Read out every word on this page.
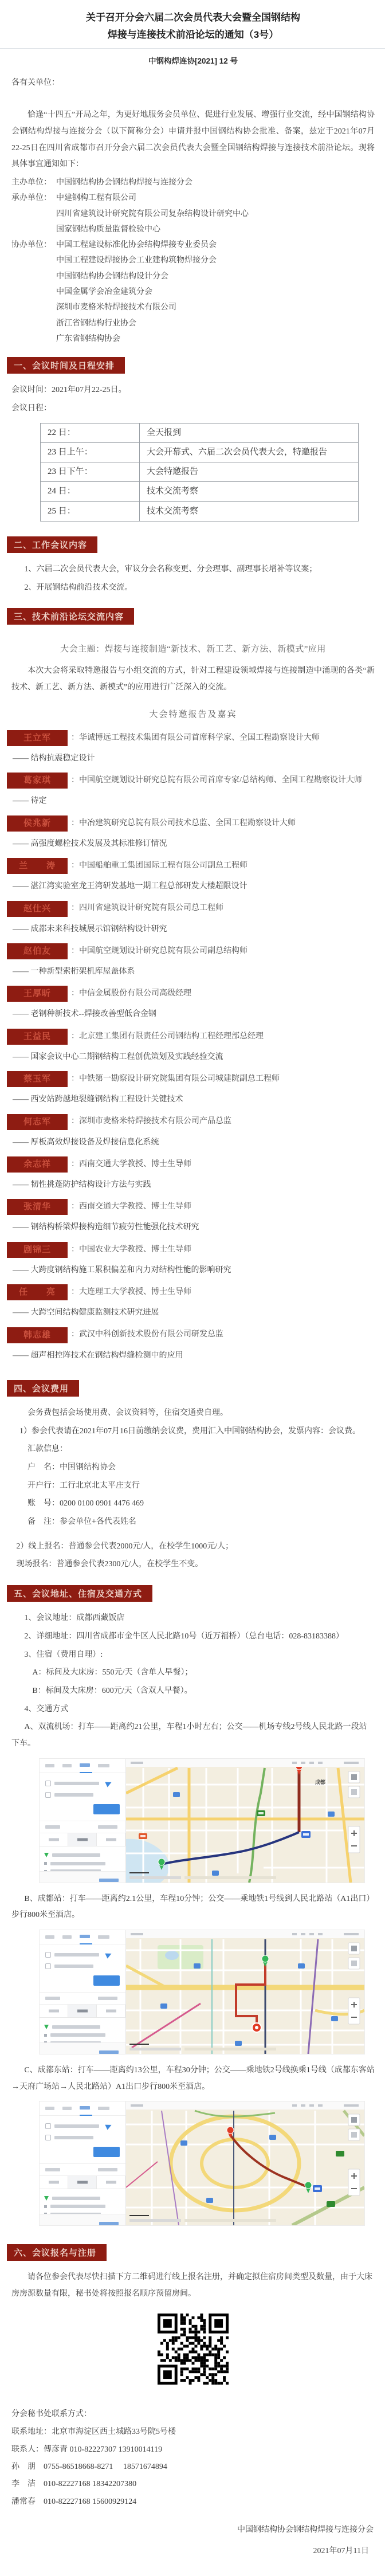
关于召开分会六届二次会员代表大会暨全国钢结构
焊接与连接技术前沿论坛的通知（3号）
中钢构焊连协[2021] 12 号

各有关单位：

恰逢“十四五”开局之年，为更好地服务会员单位、促进行业发展、增强行业交流，经中国钢结构协会钢结构焊接与连接分会（以下简称分会）申请并报中国钢结构协会批准、备案，兹定于2021年07月22-25日在四川省成都市召开分会六届二次会员代表大会暨全国钢结构焊接与连接技术前沿论坛。现将具体事宜通知如下：

主办单位： 中国钢结构协会钢结构焊接与连接分会
承办单位： 中建钢构工程有限公司
四川省建筑设计研究院有限公司复杂结构设计研究中心
国家钢结构质量监督检验中心
协办单位： 中国工程建设标准化协会结构焊接专业委员会
中国工程建设焊接协会工业建构筑物焊接分会
中国钢结构协会钢结构设计分会
中国金属学会冶金建筑分会
深圳市麦格米特焊接技术有限公司
浙江省钢结构行业协会
广东省钢结构协会
一、会议时间及日程安排

会议时间：2021年07月22-25日。

会议日程：

22 日：	全天报到
23 日上午：	大会开幕式、六届二次会员代表大会，特邀报告
23 日下午：	大会特邀报告
24 日：	技术交流考察
25 日：	技术交流考察
二、工作会议内容

1、六届二次会员代表大会，审议分会名称变更、分会理事、副理事长增补等议案；

2、开展钢结构前沿技术交流。

三、技术前沿论坛交流内容

大会主题：焊接与连接制造“新技术、新工艺、新方法、新模式”应用

本次大会将采取特邀报告与小组交流的方式，针对工程建设领域焊接与连接制造中涌现的各类“新技术、新工艺、新方法、新模式”的应用进行广泛深入的交流。

大会特邀报告及嘉宾

王立军	：华诚博远工程技术集团有限公司首席科学家、全国工程勘察设计大师
—— 结构抗震稳定设计
葛家琪	：中国航空规划设计研究总院有限公司首席专家/总结构师、全国工程勘察设计大师
—— 待定
侯兆新	：中冶建筑研究总院有限公司技术总监、全国工程勘察设计大师
—— 高强度螺栓技术发展及其标准修订情况
兰　　涛	：中国船舶重工集团国际工程有限公司副总工程师
—— 湛江湾实验室龙王湾研发基地一期工程总部研发大楼超限设计
赵仕兴	：四川省建筑设计研究院有限公司总工程师
—— 成都未来科技城展示馆钢结构设计研究
赵伯友	：中国航空规划设计研究总院有限公司副总结构师
—— 一种新型索桁架机库屋盖体系
王厚昕	：中信金属股份有限公司高级经理
—— 老钢种新技术--焊接改善型低合金钢
王益民	：北京建工集团有限责任公司钢结构工程经理部总经理
—— 国家会议中心二期钢结构工程创优策划及实践经验交流
蔡玉军	：中铁第一勘察设计研究院集团有限公司城建院副总工程师
—— 西安站跨越地裂缝钢结构工程设计关键技术
何志军	：深圳市麦格米特焊接技术有限公司产品总监
—— 厚板高效焊接设备及焊接信息化系统
余志祥	：西南交通大学教授、博士生导师
—— 韧性挑蓬防护结构设计方法与实践
张清华	：西南交通大学教授、博士生导师
—— 钢结构桥梁焊接构造细节疲劳性能强化技术研究
剧锦三	：中国农业大学教授、博士生导师
—— 大跨度钢结构施工累积偏差和内力对结构性能的影响研究
任　　亮	：大连理工大学教授、博士生导师
—— 大跨空间结构健康监测技术研究进展
韩志雄	：武汉中科创新技术股份有限公司研发总监
—— 超声相控阵技术在钢结构焊缝检测中的应用
四、会议费用

会务费包括会场使用费、会议资料等，住宿交通费自理。

1）参会代表请在2021年07月16日前缴纳会议费，费用汇入中国钢结构协会，发票内容：会议费。

汇款信息：

户　名：中国钢结构协会

开户行：工行北京北太平庄支行

账　号：0200 0100 0901 4476 469

备　注：参会单位+各代表姓名

2）线上报名：普通参会代表2000元/人，在校学生1000元/人；

现场报名：普通参会代表2300元/人，在校学生不变。

五、会议地址、住宿及交通方式

1、会议地址：成都西藏饭店

2、详细地址：四川省成都市金牛区人民北路10号（近万福桥）（总台电话：028-83183388）

3、住宿（费用自理）:

A：标间及大床房：550元/天（含单人早餐）；

B：标间及大床房：600元/天（含双人早餐）。

4、交通方式

A、双流机场：打车——距离约21公里，车程1小时左右；公交——机场专线2号线人民北路一段站下车。

成都

B、成都站：打车——距离约2.1公里，车程10分钟；公交——乘地铁1号线到人民北路站（A1出口）步行800米至酒店。

C、成都东站：打车——距离约13公里，车程30分钟；公交——乘地铁2号线换乘1号线（成都东客站→天府广场站→人民北路站）A1出口步行800米至酒店。

六、会议报名与注册

请各位参会代表尽快扫描下方二维码进行线上报名注册，并确定拟住宿房间类型及数量，由于大床房房源数量有限，秘书处将按照报名顺序预留房间。

分会秘书处联系方式：

联系地址：北京市海淀区西土城路33号院5号楼

联系人：傅彦青 010-82227307 13910014119

孙　朋　0755-86518668-8271　 18571674894

李　洁　010-82227168 18342207380

潘常春　010-82227168 15600929124

中国钢结构协会钢结构焊接与连接分会

2021年07月11日
